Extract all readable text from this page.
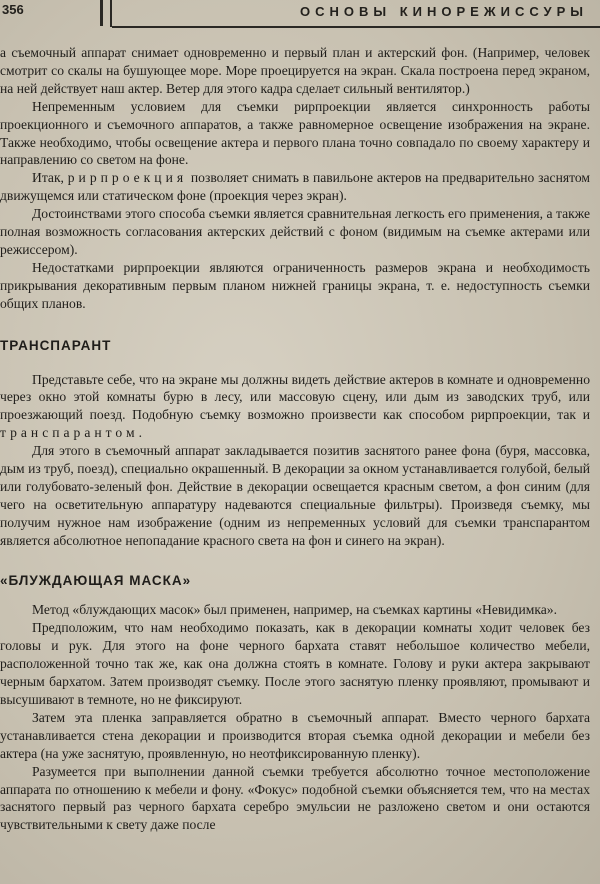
356	ОСНОВЫ КИНОРЕЖИССУРЫ

а съемочный аппарат снимает одновременно и первый план и актерский фон. (Например, человек смотрит со скалы на бушующее море. Море проецируется на экран. Скала построена перед экраном, на ней действует наш актер. Ветер для этого кадра сделает сильный вентилятор.)

Непременным условием для съемки рирпроекции является синхронность работы проекционного и съемочного аппаратов, а также равномерное освещение изображения на экране. Также необходимо, чтобы освещение актера и первого плана точно совпадало по своему характеру и направлению со светом на фоне.

Итак, рирпроекция позволяет снимать в павильоне актеров на предварительно заснятом движущемся или статическом фоне (проекция через экран).

Достоинствами этого способа съемки является сравнительная легкость его применения, а также полная возможность согласования актерских действий с фоном (видимым на съемке актерами или режиссером).

Недостатками рирпроекции являются ограниченность размеров экрана и необходимость прикрывания декоративным первым планом нижней границы экрана, т. е. недоступность съемки общих планов.

ТРАНСПАРАНТ

Представьте себе, что на экране мы должны видеть действие актеров в комнате и одновременно через окно этой комнаты бурю в лесу, или массовую сцену, или дым из заводских труб, или проезжающий поезд. Подобную съемку возможно произвести как способом рирпроекции, так и транспарантом.

Для этого в съемочный аппарат закладывается позитив заснятого ранее фона (буря, массовка, дым из труб, поезд), специально окрашенный. В декорации за окном устанавливается голубой, белый или голубовато-зеленый фон. Действие в декорации освещается красным светом, а фон синим (для чего на осветительную аппаратуру надеваются специальные фильтры). Произведя съемку, мы получим нужное нам изображение (одним из непременных условий для съемки транспарантом является абсолютное непопадание красного света на фон и синего на экран).

«БЛУЖДАЮЩАЯ МАСКА»

Метод «блуждающих масок» был применен, например, на съемках картины «Невидимка».

Предположим, что нам необходимо показать, как в декорации комнаты ходит человек без головы и рук. Для этого на фоне черного бархата ставят небольшое количество мебели, расположенной точно так же, как она должна стоять в комнате. Голову и руки актера закрывают черным бархатом. Затем производят съемку. После этого заснятую пленку проявляют, промывают и высушивают в темноте, но не фиксируют.

Затем эта пленка заправляется обратно в съемочный аппарат. Вместо черного бархата устанавливается стена декорации и производится вторая съемка одной декорации и мебели без актера (на уже заснятую, проявленную, но неотфиксированную пленку).

Разумеется при выполнении данной съемки требуется абсолютно точное местоположение аппарата по отношению к мебели и фону. «Фокус» подобной съемки объясняется тем, что на местах заснятого первый раз черного бархата серебро эмульсии не разложено светом и они остаются чувствительными к свету даже после
